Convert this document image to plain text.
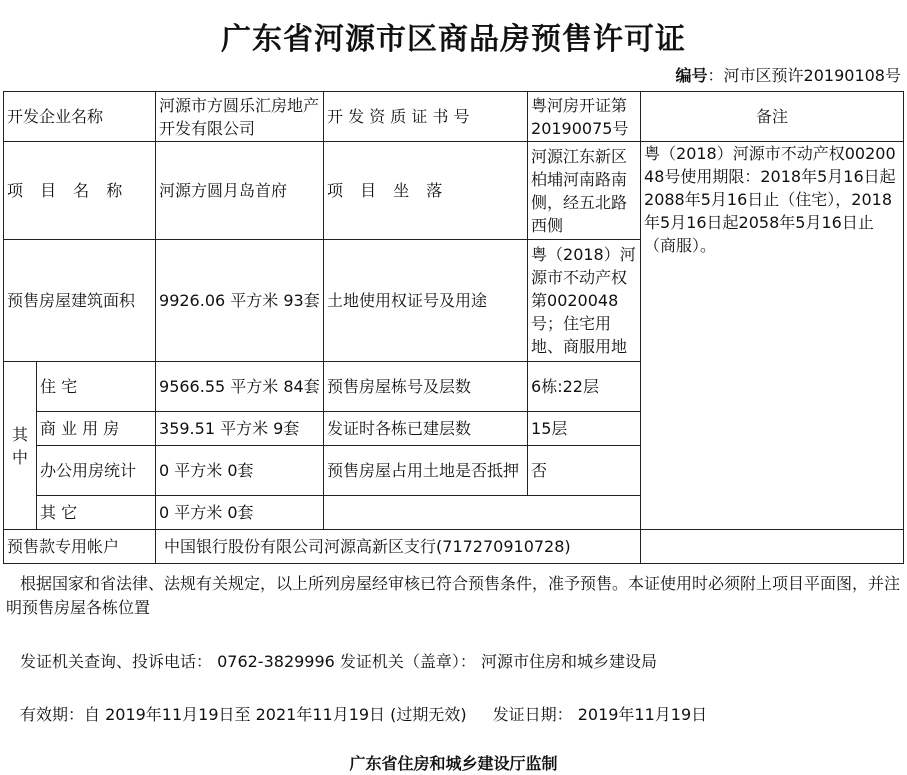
广东省河源市区商品房预售许可证
编号：河市区预许20190108号
开发企业名称		河源市方圆乐汇房地产开发有限公司	开 发 资 质 证 书 号	粤河房开证第20190075号	备注	
项 目 名 称		河源方圆月岛首府	项 目 坐 落	河源江东新区柏埔河南路南侧，经五北路西侧	粤（2018）河源市不动产权0020048号使用期限：2018年5月16日起2088年5月16日止（住宅），2018年5月16日起2058年5月16日止（商服）。	
预售房屋建筑面积		9926.06 平方米 93套	土地使用权证号及用途	粤（2018）河源市不动产权第0020048号；住宅用地、商服用地		
其
中	住 宅	9566.55 平方米 84套	预售房屋栋号及层数	6栋:22层		
	商 业 用 房	359.51 平方米 9套	发证时各栋已建层数	15层		
	办公用房统计	0 平方米 0套	预售房屋占用土地是否抵押	否		
	其 它	0 平方米 0套				
预售款专用帐户		中国银行股份有限公司河源高新区支行(717270910728)				
根据国家和省法律、法规有关规定，以上所列房屋经审核已符合预售条件，准予预售。本证使用时必须附上项目平面图，并注明预售房屋各栋位置
发证机关查询、投诉电话： 0762-3829996 发证机关（盖章）： 河源市住房和城乡建设局
有效期：自 2019年11月19日至 2021年11月19日 (过期无效) 发证日期： 2019年11月19日
广东省住房和城乡建设厅监制
